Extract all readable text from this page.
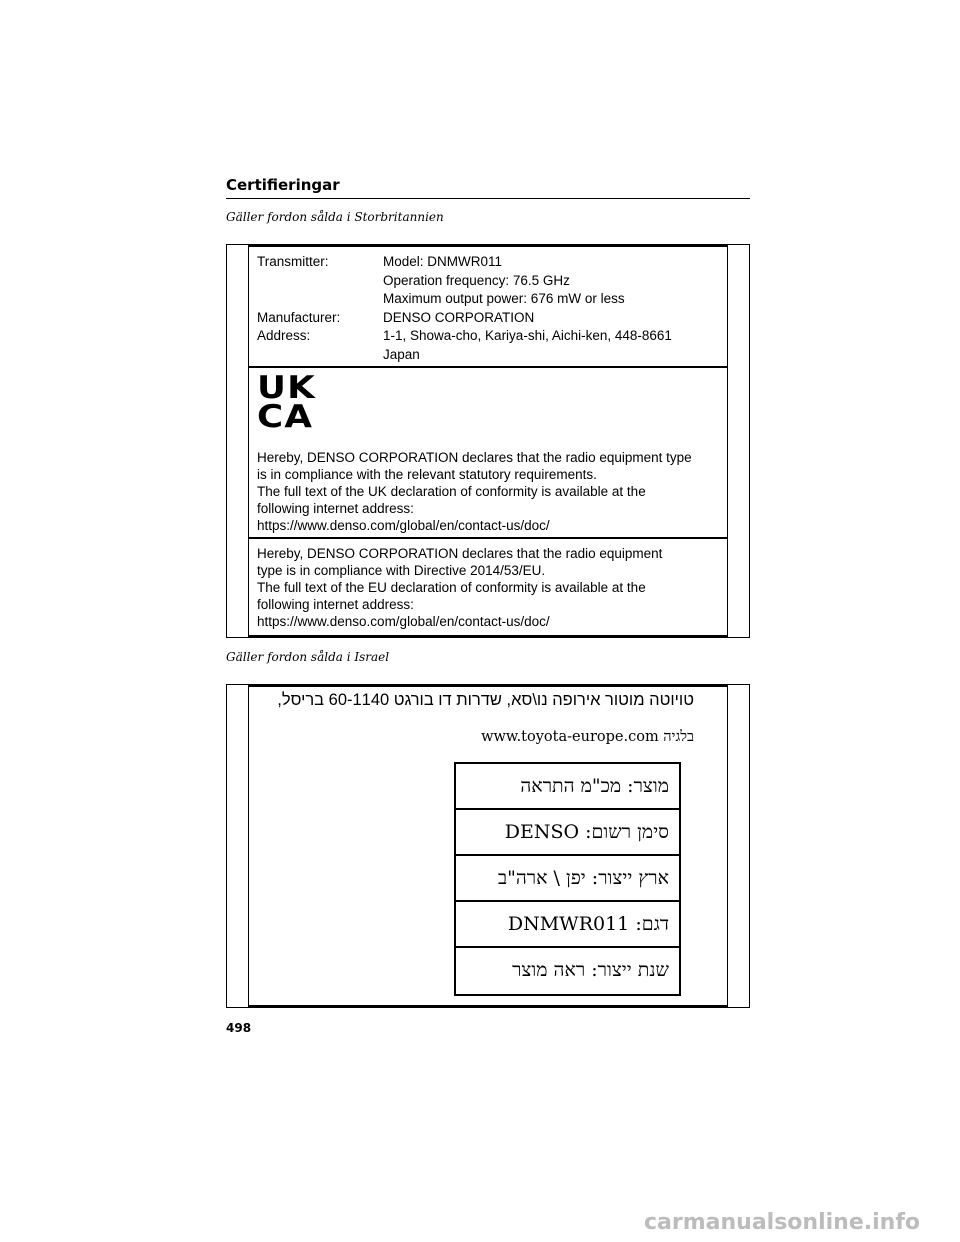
Certifieringar
Gäller fordon sålda i Storbritannien
Transmitter:	Model: DNMWR011
Operation frequency: 76.5 GHz
Maximum output power: 676 mW or less
Manufacturer:	DENSO CORPORATION
Address:	1-1, Showa-cho, Kariya-shi, Aichi-ken, 448-8661
Japan
UK
CA
Hereby, DENSO CORPORATION declares that the radio equipment type
is in compliance with the relevant statutory requirements.
The full text of the UK declaration of conformity is available at the
following internet address:
https://www.denso.com/global/en/contact-us/doc/
Hereby, DENSO CORPORATION declares that the radio equipment
type is in compliance with Directive 2014/53/EU.
The full text of the EU declaration of conformity is available at the
following internet address:
https://www.denso.com/global/en/contact-us/doc/
Gäller fordon sålda i Israel
טויוטה מוטור אירופה נו\סא, שדרות דו בורגט 60-1140 בריסל,
בלגיה www.toyota-europe.com
מוצר: מכ"מ התראה
סימן רשום: DENSO
ארץ ייצור: יפן \ ארה"ב
דגם: DNMWR011
שנת ייצור: ראה מוצר
498
carmanualsonline.info
